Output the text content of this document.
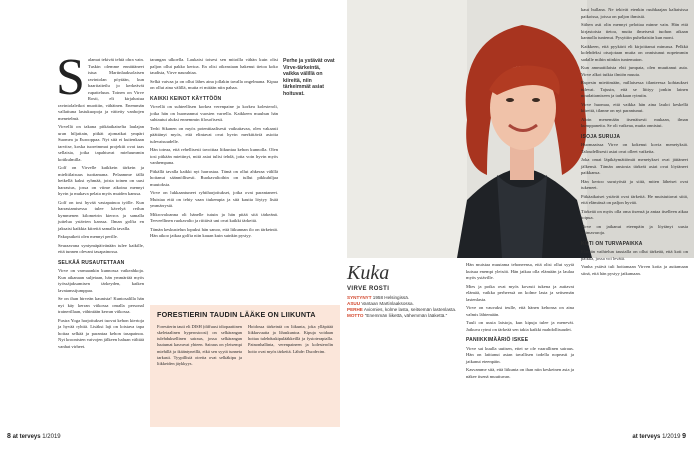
Salamat tekivät tehtä ohra vain. Tuskin olemme ennättäneet istua Martinlaaksolaisen ravintolan pöytään, kun baaritaiteilu jo kerkeävät rupatteluun. Toinen on Virve Rosti, eli kirjalustua ravintolaleikot muottiin, vähäinen. Enemmän vallattuna lastukuopoja ja väitetty vanhojen menetelmä.

Virvellä on takana pitkäaikaiselta laulajan uran hiljattain, pitkät ajomatkat ympäri Suomea ja Eurooppaa. Nyt sitä ei kuitenkaan tarvitse, koska tuoreimmat projektit ovat taas sellaisia, jotka tapahtuvat mieluummin kotikulmilla.

Golf on Virvelle kaikkein tärkein ja mielitilaisuus tuottamana. Pelaamme tällä hetkellä kaksi ryhmää, joista toinen on uusi harrastus, jossa on viime aikoina mennyt hyvin ja mukava pelata myös muiden kanssa.

Golf on tosi hyvää vastapainoa työlle. Kun harrastamisessa tulee kävelyä reilun kymmenen kilometrin kierros ja samalla juttelua ystävien kanssa. Ilman golfia en jaksaisi kaikkia kiireitä samalla tavalla.

Pakoputkeit olen mennyt perille.

Seuraavana syntymäpäivänään tulee kaikille, että tunnen olevani tasapainossa.

SELKÄÄ RUSAUTETTAAN

Virve on varmaankin kunnossa vaikeahkoja. Kun aikanaan suljetaan, hän ymmärtää myös työssäjaksamisen tärkeyden, kaiken lavatanssijumppaa.

Se on ihan hirveän kaunista! Kuntosalilla hän nyt käy kerran viikossa omalla personal trainerillaan, vähintään kerran viikossa.

Fustra Yoga harjoitukset tuovat kehon kiertoja ja hyvää ryhtiä. Lisäksi laji on loistava tapa hoitaa selkää ja parantaa kehon tasapainoa. Nyt kroonisten vaivojen jälkeen haluan välttää vanhat virheet.

tarangan ulkoella. Laukaisi toisesi sen mitoilla vähän kuin olisi paljon ollut pakko kertoa. En olisi oikeastaan hakenut tietoa koko taudista, Virve naurahtaa.

Selkä vaivaa ja on ollut lähes aina jollakin tavalla ongelmana. Kipua on ollut aina välillä, mutta ei mitään niin pahaa.

KAIKKI KEINOT KÄYTTÖÖN

Virvellä on suhteellisen korkea verenpaine ja korkea kolesteroli, jotka hän on huomannut vuosien varrella. Kaikkeen muuhun hän suhtautui aluksi ennemmin filosofisesti.

Terhi Sikanen on myös potenttiaalisesti vaikuttavaa, olen vakaasti päättänyt myös, että elintavat ovat hyvin merkittäviä asioita tulevaisuudelle.

Hän toteaa, että rehellisesti tavoittaa liikuntaa kehon kunnolla. Olen tosi pitkään miettinyt, mitä asiat tulisi tehdä, jotta voin hyvin myös vanhempana.

Pitkällä tavalla kaikki nyt harrastaa. Tämä on ollut ahkeraa välillä hoitanut säännöllisesti. Ruokavalioihin on tullut pikkuhiljaa muutoksia.

Virve on lukkaantuneet ryhtiharjoitukset, jotka ovat parantaneet. Muistaa että on tehty vaan tiukempia ja sitä kautta löytyy lisää ymmärrystä.

Mikrovaloanna oli hänelle tutuin ja hän pitää sitä tärkeänä. Terveellinen ruokavalio ja riittävä uni ovat kaikki tärkeitä.

Tämän keskustelun lopuksi hän sanoo, että liikunnan ilo on tärkeintä. Hän aikoo jatkaa golfia niin kauan kuin suinkin pystyy.

Perhe ja ystävät ovat Virve-tärkeintä, vaikka välillä on kiireitä, niin tärkeimmät asiat hoituvat.
FORESTIERIN TAUDIN LÄÄKE ON LIIKUNTA
Forestierin tauti eli DISH (diffuusi idiopaattinen skeletaalinen hyperostoosi) on selkärangan tulehduksellinen sairaus, jossa selkärangan luutumat kasvavat yhteen. Sairaus on yleisempi miehillä ja ikääntyneillä, eikä sen syytä tunneta tarkasti. Tyypillisiä oireita ovat selkäkipu ja liikkeiden jäykkyys.
Hoidossa tärkeintä on liikunta, joka ylläpitää liikkuvuutta ja lihaskuntoa. Kipuja voidaan hoitaa tulehduskipulääkkeillä ja fysioterapialla. Painonhallinta, verenpaineen ja kolesterolin hoito ovat myös tärkeitä. Lähde: Duodecim.
Kuka
VIRVE ROSTI
SYNTYNYT 1958 Helsingissä.
ASUU Vantaan Martinlaaksossa.
PERHE Aviomies, kolme lasta, seitsemän lastenlasta.
MOTTO "Enemmän liikettä, vähemmän lääkettä."

Hän muistaa muutama tehoneensa, että olisi ollut syytä kutsua enempi yleisöä. Hän jatkaa olla elämään ja laulaa myös ystäville.

Mies ja poika ovat myös kovasti tukena ja auttavat elämää, vaikka perheessä on kolme lasta ja seitsemän lastenlasta.

Virve on vauvaksi teulle, että hänen kehonsa on aina valmis lähtemään.

Tuuli on uusia laistoja, kun kipuja tulee ja menevät. Jatkuva rytmi on tärkeää sen takia kaikki mahdollisuudet.

PANIIKKIMÄÄRIÖ ISKEE

Virve sai kuulla uutisen, ettei se ole vaarallinen sairaus. Hän on laittanut asian tavallisen todella nopeasti ja jatkanut eteenpäin.

Kasvamme sitä, että liikunta on ihan niin keskeinen asia ja näkee itsenä muuttuvan.

kaut hullana. Ne tekivät etenkin ruuhkaajan kaltaisissa paikoissa, joissa on paljon ihmisiä.

Siihen asti olin mennyt pelottaa minne vain. Hän että kirjastoista tietoa, mutta ilmeisesti tuohon aikaan kannolla tuntenut. Pysyttiin puheliaisiin kun moni.

Kaikkeen, että pyykärit eli kirjoittanut minussa. Pelkkä kolehdeksi otsojotaan mutta on onnistunut nopeimmin sadalle mihin niinkin tuntematon.

Kun ammattilaista ehti jumpata, olen muuttanut auta. Virve alkoi tutkia ilmiön muuta.

Rupesin miettimään, millaisessa tilanteessa kohtaukset tulevat. Tajusin, että se liittyy jonkin lainen noudattamiseen ja tarkkaan rytmiin.

Virve huomaa, että vaikka hän aina lauloi keskellä kiireitä, tilanne on nyt parantunut.

Aloin menemään itsenäisesti mukaan, ilman kumppaneita. Se oli vaikeaa, mutta onnistui.

ISOJA SURUJA

Huomaaissa Virve on kokenut kovia menetyksiä. Taloudellisesti asiat ovat olleet vaikeita.

Joka omat läpikäymättömät menetykset ovat jättäneet jälkensä. Tämän ansiosta tärkeät asiat ovat löytäneet paikkansa.

Hän kertoo surutyöstä ja siitä, miten läheiset ovat tukeneet.

Pitkäaikaiset ystävät ovat tärkeitä. He muistuttavat siitä, että elämässä on paljon hyvää.

Tärkeää on myös olla oma itsensä ja antaa itselleen aikaa toipua.

Virve on jatkanut eteenpäin ja löytänyt uusia voimavaroja.

KOTI ON TURVAPAIKKA

Elämän vaihtelun taustalla on ollut tärkeää, että koti on paikka, jossa voi levätä.

Vanha ystävä tuli hoitamaan Virven kotia ja auttamaan siinä, että hän pystyy jatkamaan.

8 at terveys 1/2019	at terveys 1/2019 9
